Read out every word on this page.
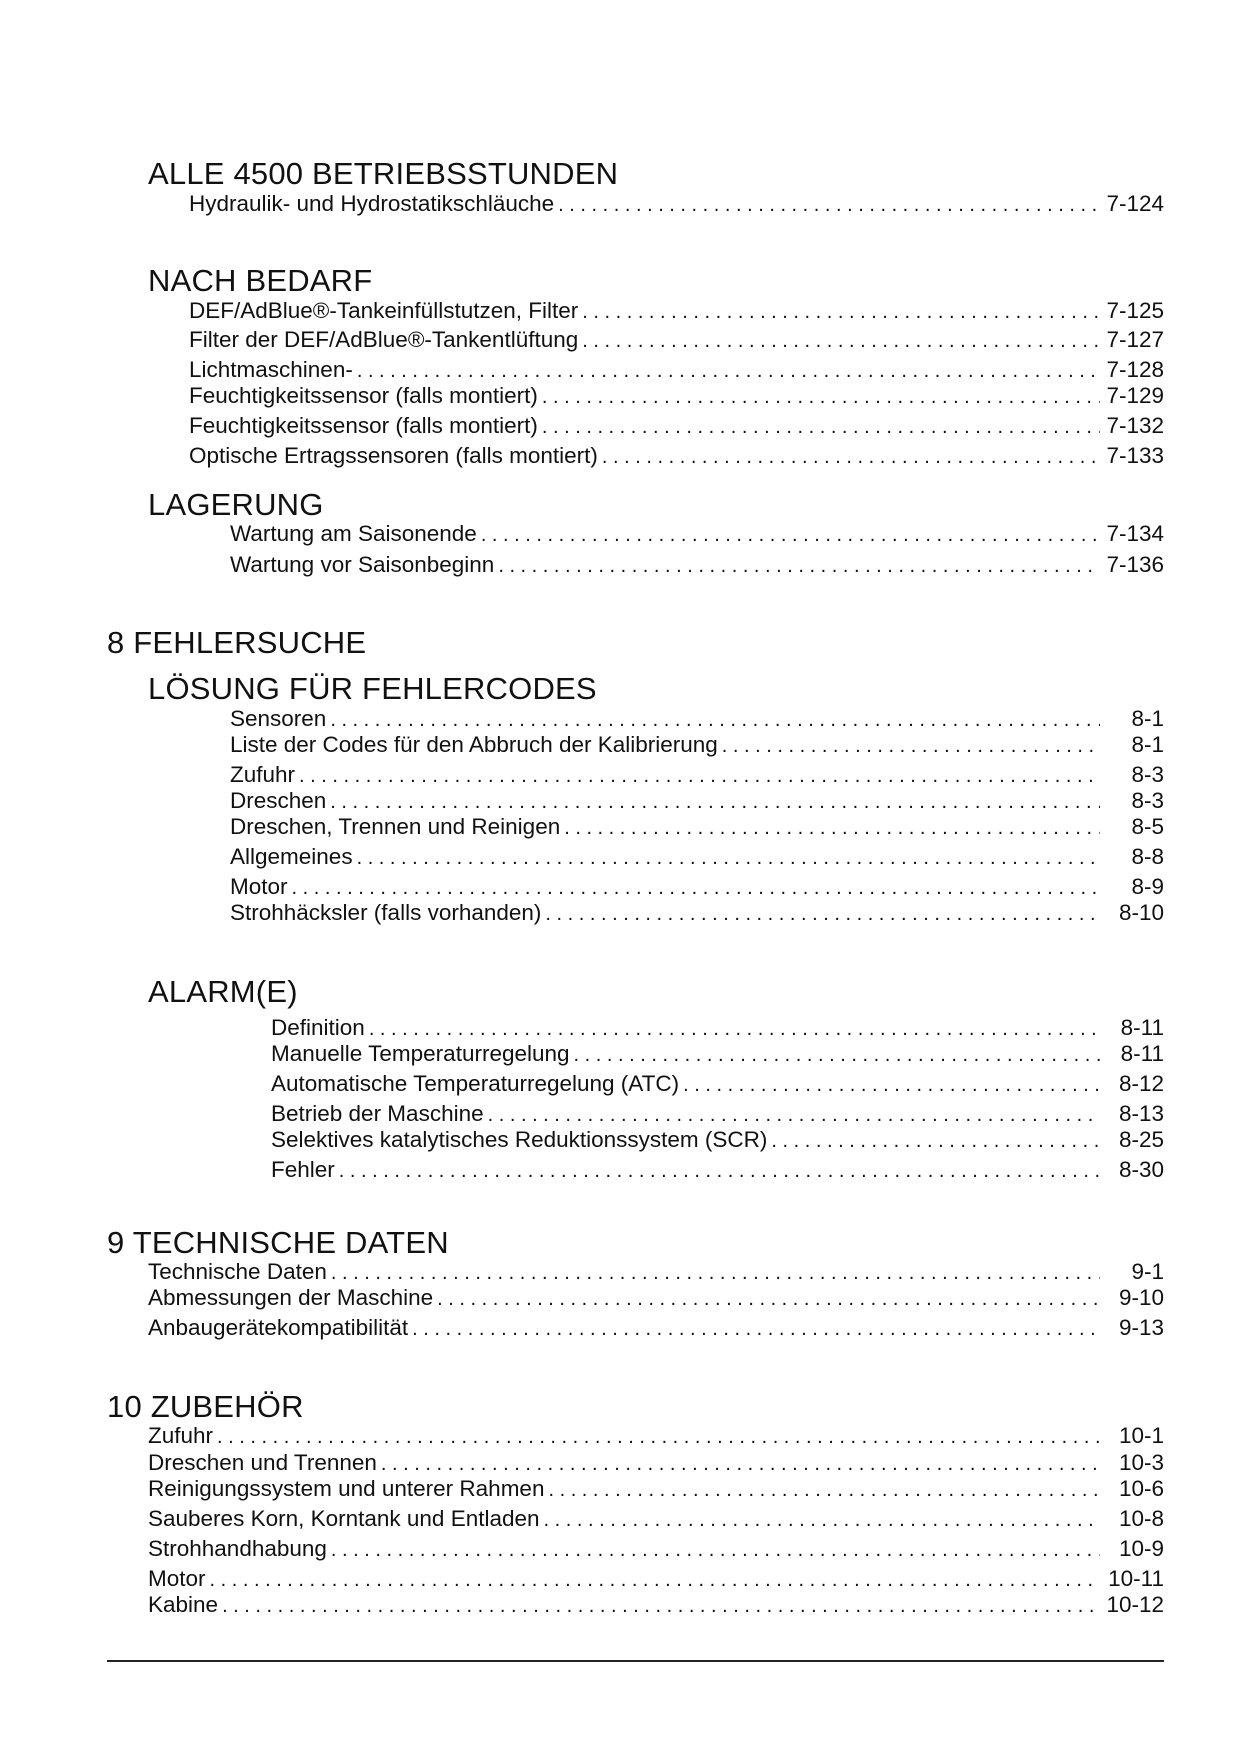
ALLE 4500 BETRIEBSSTUNDEN
Hydraulik- und Hydrostatikschläuche . . .	7-124
NACH BEDARF
DEF/AdBlue®-Tankeinfüllstutzen, Filter . . .	7-125
Filter der DEF/AdBlue®-Tankentlüftung . . .	7-127
Lichtmaschinen- . . .	7-128
Feuchtigkeitssensor (falls montiert) . . .	7-129
Feuchtigkeitssensor (falls montiert) . . .	7-132
Optische Ertragssensoren (falls montiert) . . .	7-133
LAGERUNG
Wartung am Saisonende . . .	7-134
Wartung vor Saisonbeginn . . .	7-136
8 FEHLERSUCHE
LÖSUNG FÜR FEHLERCODES
Sensoren . . .	8-1
Liste der Codes für den Abbruch der Kalibrierung . . .	8-1
Zufuhr . . .	8-3
Dreschen . . .	8-3
Dreschen, Trennen und Reinigen . . .	8-5
Allgemeines . . .	8-8
Motor . . .	8-9
Strohhäcksler (falls vorhanden) . . .	8-10
ALARM(E)
Definition . . .	8-11
Manuelle Temperaturregelung . . .	8-11
Automatische Temperaturregelung (ATC) . . .	8-12
Betrieb der Maschine . . .	8-13
Selektives katalytisches Reduktionssystem (SCR) . . .	8-25
Fehler . . .	8-30
9 TECHNISCHE DATEN
Technische Daten . . .	9-1
Abmessungen der Maschine . . .	9-10
Anbaugerätekompatibilität . . .	9-13
10 ZUBEHÖR
Zufuhr . . .	10-1
Dreschen und Trennen . . .	10-3
Reinigungssystem und unterer Rahmen . . .	10-6
Sauberes Korn, Korntank und Entladen . . .	10-8
Strohhandhabung . . .	10-9
Motor . . .	10-11
Kabine . . .	10-12
